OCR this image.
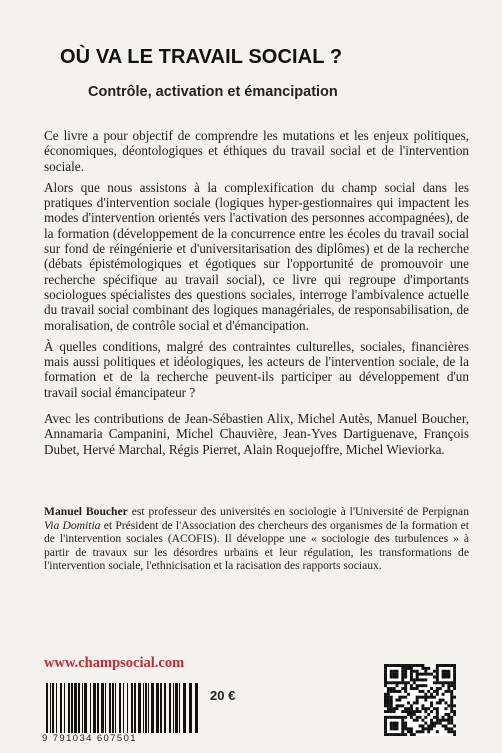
OÙ VA LE TRAVAIL SOCIAL ?
Contrôle, activation et émancipation

Ce livre a pour objectif de comprendre les mutations et les enjeux politiques, économiques, déontologiques et éthiques du travail social et de l'intervention sociale.

Alors que nous assistons à la complexification du champ social dans les pratiques d'intervention sociale (logiques hyper-gestionnaires qui impactent les modes d'intervention orientés vers l'activation des personnes accompagnées), de la formation (développement de la concurrence entre les écoles du travail social sur fond de réingénierie et d'universitarisation des diplômes) et de la recherche (débats épistémologiques et égotiques sur l'opportunité de promouvoir une recherche spécifique au travail social), ce livre qui regroupe d'importants sociologues spécialistes des questions sociales, interroge l'ambivalence actuelle du travail social combinant des logiques managériales, de responsabilisation, de moralisation, de contrôle social et d'émancipation.

À quelles conditions, malgré des contraintes culturelles, sociales, financières mais aussi politiques et idéologiques, les acteurs de l'intervention sociale, de la formation et de la recherche peuvent-ils participer au développement d'un travail social émancipateur ?

Avec les contributions de Jean-Sébastien Alix, Michel Autès, Manuel Boucher, Annamaria Campanini, Michel Chauvière, Jean-Yves Dartiguenave, François Dubet, Hervé Marchal, Régis Pierret, Alain Roquejoffre, Michel Wieviorka.

Manuel Boucher est professeur des universités en sociologie à l'Université de Perpignan Via Domitia et Président de l'Association des chercheurs des organismes de la formation et de l'intervention sociales (ACOFIS). Il développe une « sociologie des turbulences » à partir de travaux sur les désordres urbains et leur régulation, les transformations de l'intervention sociale, l'ethnicisation et la racisation des rapports sociaux.

www.champsocial.com

9 791034 607501
20 €
